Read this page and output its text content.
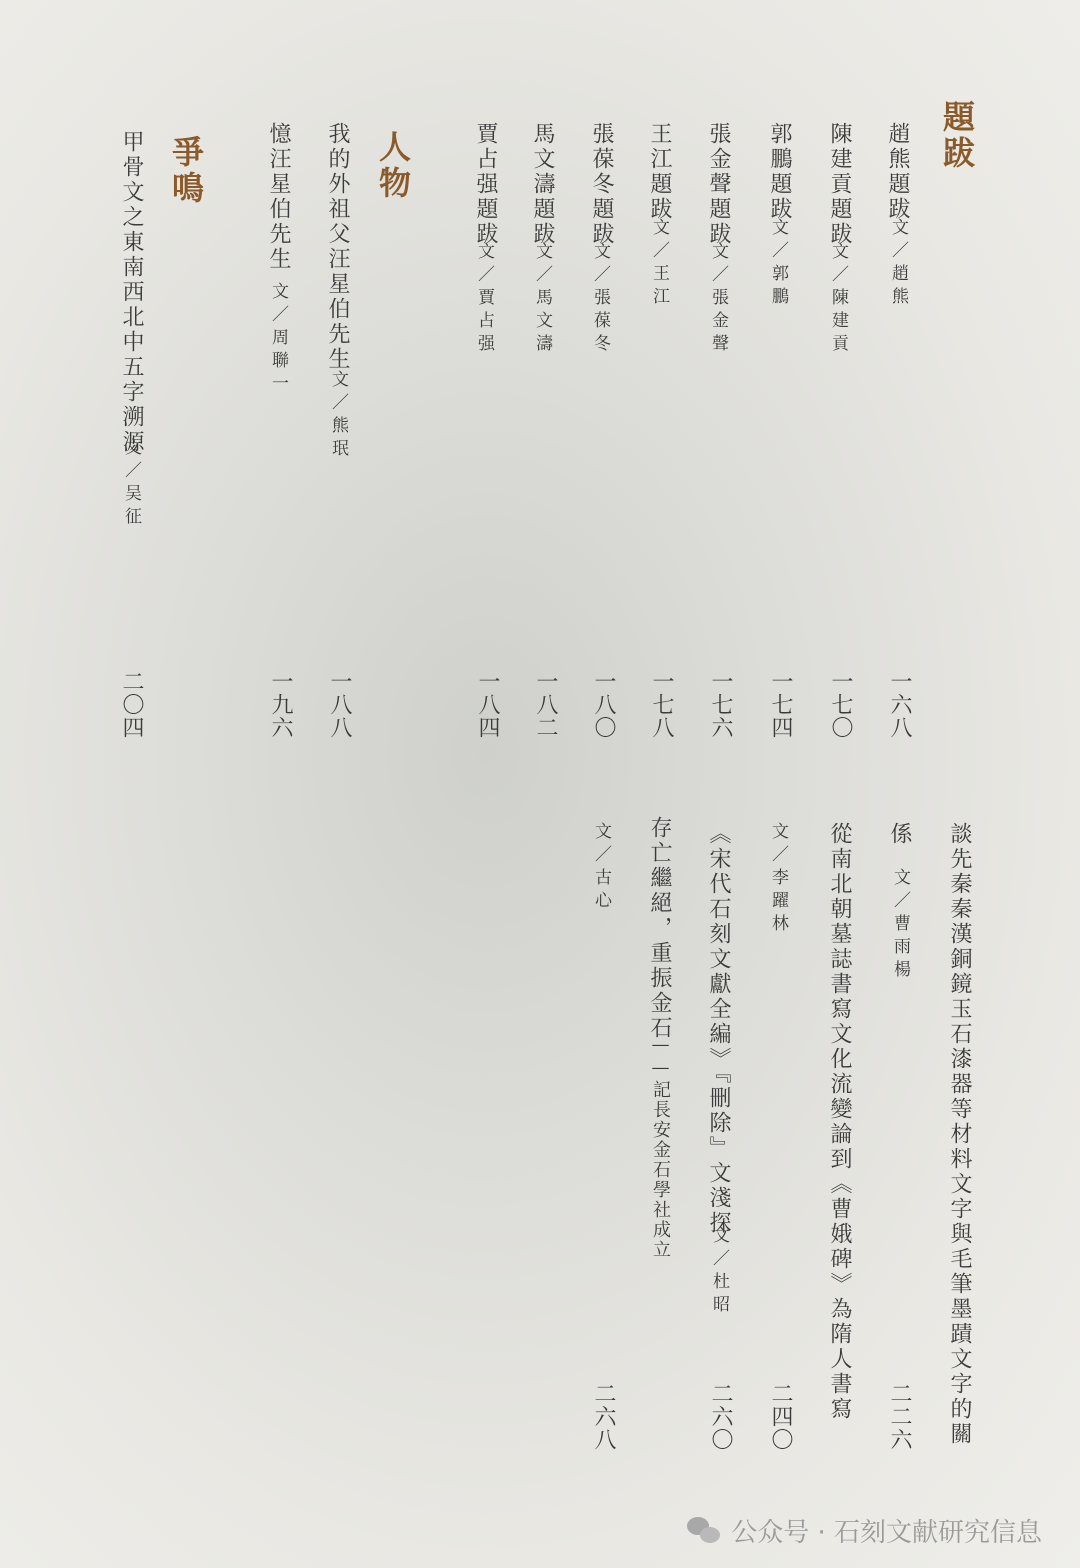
題跋
人物
爭鳴	趙熊題跋
陳建貢題跋
郭鵬題跋
張金聲題跋
王江題跋
張葆冬題跋
馬文濤題跋
賈占强題跋
我的外祖父汪星伯先生
憶汪星伯先生
甲骨文之東南西北中五字溯源	文／趙熊
文／陳建貢
文／郭鵬
文／張金聲
文／王江
文／張葆冬
文／馬文濤
文／賈占强
文／熊珉
文／周聯一
文／吴征
一六八
一七〇
一七四
一七六
一七八
一八〇
一八二
一八四
一八八
一九六
二〇四
談先秦秦漢銅鏡玉石漆器等材料文字與毛筆墨蹟文字的關
係
文／曹雨楊
二二六
從南北朝墓誌書寫文化流變論到《曹娥碑》為隋人書寫
文／李躍林
二四〇
《宋代石刻文獻全編》『刪除』文淺探
文／杜昭
二六〇
存亡繼絕，重振金石
——記長安金石學社成立
文／古心
二六八
公众号 · 石刻文献研究信息
